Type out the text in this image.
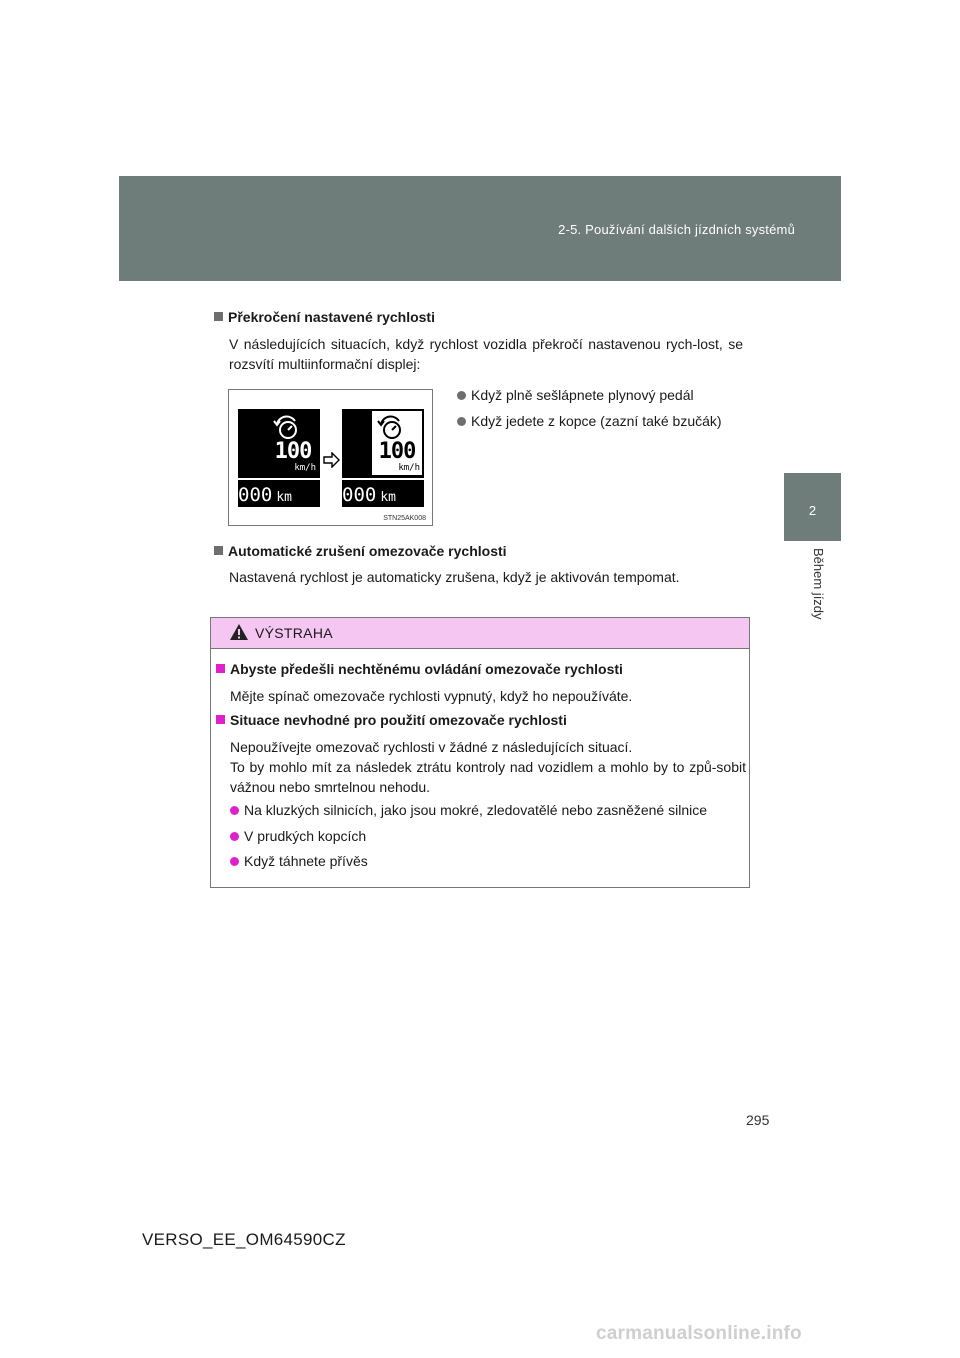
2-5. Používání dalších jízdních systémů
2
Během jízdy
Překročení nastavené rychlosti
V následujících situacích, když rychlost vozidla překročí nastavenou rych-lost, se rozsvítí multiinformační displej:
Když plně sešlápnete plynový pedál
Když jedete z kopce (zazní také bzučák)
100
km/h
000 km
100
km/h
000 km
STN25AK008
Automatické zrušení omezovače rychlosti
Nastavená rychlost je automaticky zrušena, když je aktivován tempomat.
VÝSTRAHA
Abyste předešli nechtěnému ovládání omezovače rychlosti
Mějte spínač omezovače rychlosti vypnutý, když ho nepoužíváte.
Situace nevhodné pro použití omezovače rychlosti
Nepoužívejte omezovač rychlosti v žádné z následujících situací.
To by mohlo mít za následek ztrátu kontroly nad vozidlem a mohlo by to způ-sobit vážnou nebo smrtelnou nehodu.
Na kluzkých silnicích, jako jsou mokré, zledovatělé nebo zasněžené silnice
V prudkých kopcích
Když táhnete přívěs
295
VERSO_EE_OM64590CZ
carmanualsonline.info
